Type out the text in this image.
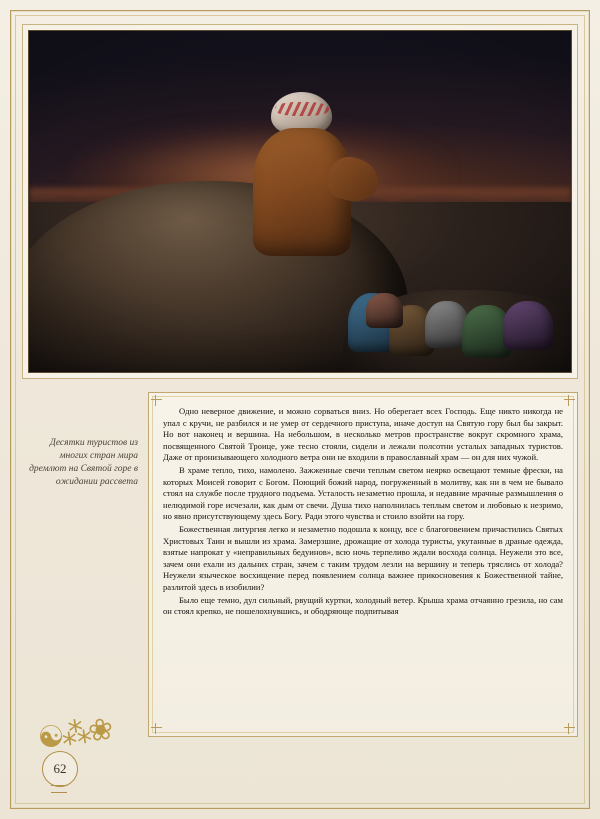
Десятки туристов из многих стран мира дремлют на Святой горе в ожидании рассвета

Одно неверное движение, и можно сорваться вниз. Но оберегает всех Господь. Еще никто никогда не упал с кручи, не разбился и не умер от сердечного приступа, иначе доступ на Святую гору был бы закрыт. Но вот наконец и вершина. На небольшом, в несколько метров пространстве вокруг скромного храма, посвященного Святой Троице, уже тесно стояли, сидели и лежали полсотни усталых западных туристов. Даже от пронизывающего холодного ветра они не входили в православный храм — он для них чужой.

В храме тепло, тихо, намолено. Зажженные свечи теплым светом неярко освещают темные фрески, на которых Моисей говорит с Богом. Поющий божий народ, погруженный в молитву, как ни в чем не бывало стоял на службе после трудного подъема. Усталость незаметно прошла, и недавние мрачные размышления о нелюдимой горе исчезали, как дым от свечи. Душа тихо наполнилась теплым светом и любовью к незримо, но явно присутствующему здесь Богу. Ради этого чувства и стоило взойти на гору.

Божественная литургия легко и незаметно подошла к концу, все с благоговением причастились Святых Христовых Таин и вышли из храма. Замерзшие, дрожащие от холода туристы, укутанные в драные одежда, взятые напрокат у «неправильных бедуинов», всю ночь терпеливо ждали восхода солнца. Неужели это все, зачем они ехали из дальних стран, зачем с таким трудом лезли на вершину и теперь тряслись от холода? Неужели языческое восхищение перед появлением солнца важнее прикосновения к Божественной тайне, разлитой здесь в изобилии?

Было еще темно, дул сильный, рвущий куртки, холодный ветер. Крыша храма отчаянно грезила, но сам он стоял крепко, не пошелохнувшись, и ободряюще подпитывая

☯⁂❀
62
